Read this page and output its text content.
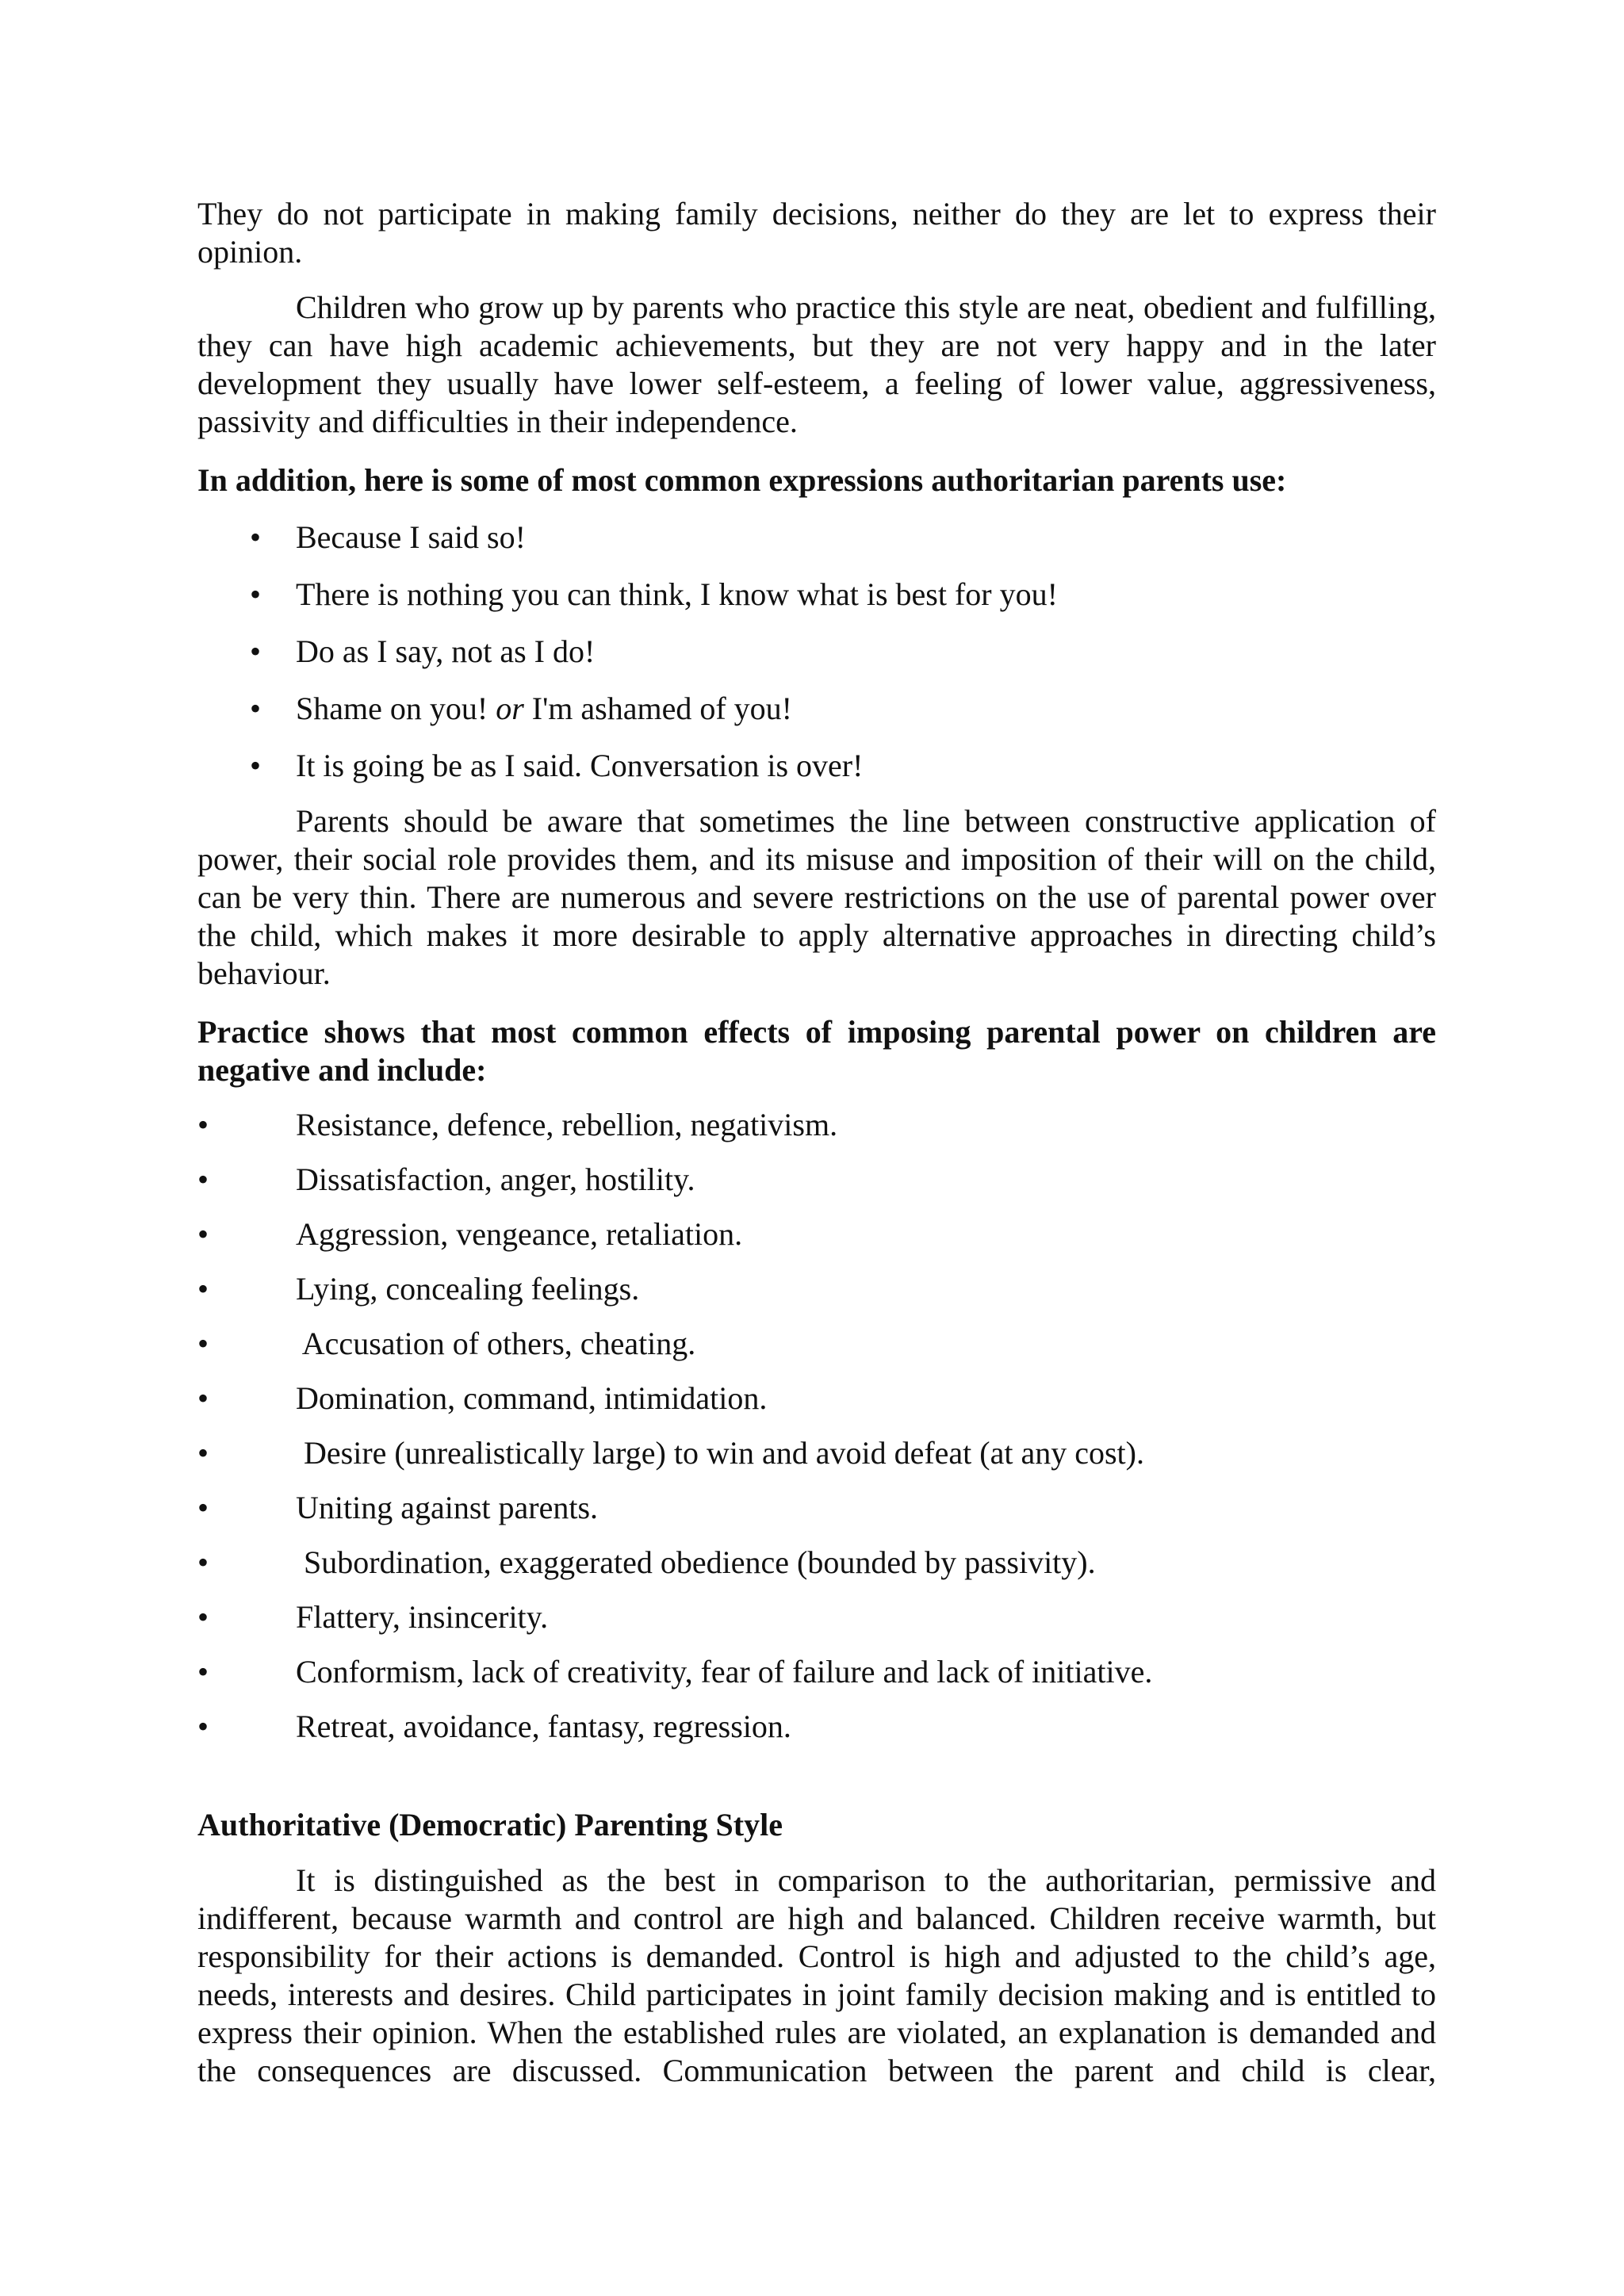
They do not participate in making family decisions, neither do they are let to express their opinion.

Children who grow up by parents who practice this style are neat, obedient and fulfilling, they can have high academic achievements, but they are not very happy and in the later development they usually have lower self-esteem, a feeling of lower value, aggressiveness, passivity and difficulties in their independence.

In addition, here is some of most common expressions authoritarian parents use:

• Because I said so!
• There is nothing you can think, I know what is best for you!
• Do as I say, not as I do!
• Shame on you! or I'm ashamed of you!
• It is going be as I said. Conversation is over!

Parents should be aware that sometimes the line between constructive application of power, their social role provides them, and its misuse and imposition of their will on the child, can be very thin. There are numerous and severe restrictions on the use of parental power over the child, which makes it more desirable to apply alternative approaches in directing child’s behaviour.

Practice shows that most common effects of imposing parental power on children are negative and include:

•	Resistance, defence, rebellion, negativism.
•	Dissatisfaction, anger, hostility.
•	Aggression, vengeance, retaliation.
•	Lying, concealing feelings.
•	Accusation of others, cheating.
•	Domination, command, intimidation.
•	Desire (unrealistically large) to win and avoid defeat (at any cost).
•	Uniting against parents.
•	Subordination, exaggerated obedience (bounded by passivity).
•	Flattery, insincerity.
•	Conformism, lack of creativity, fear of failure and lack of initiative.
•	Retreat, avoidance, fantasy, regression.

Authoritative (Democratic) Parenting Style

It is distinguished as the best in comparison to the authoritarian, permissive and indifferent, because warmth and control are high and balanced. Children receive warmth, but responsibility for their actions is demanded. Control is high and adjusted to the child’s age, needs, interests and desires. Child participates in joint family decision making and is entitled to express their opinion. When the established rules are violated, an explanation is demanded and the consequences are discussed. Communication between the parent and child is clear,
